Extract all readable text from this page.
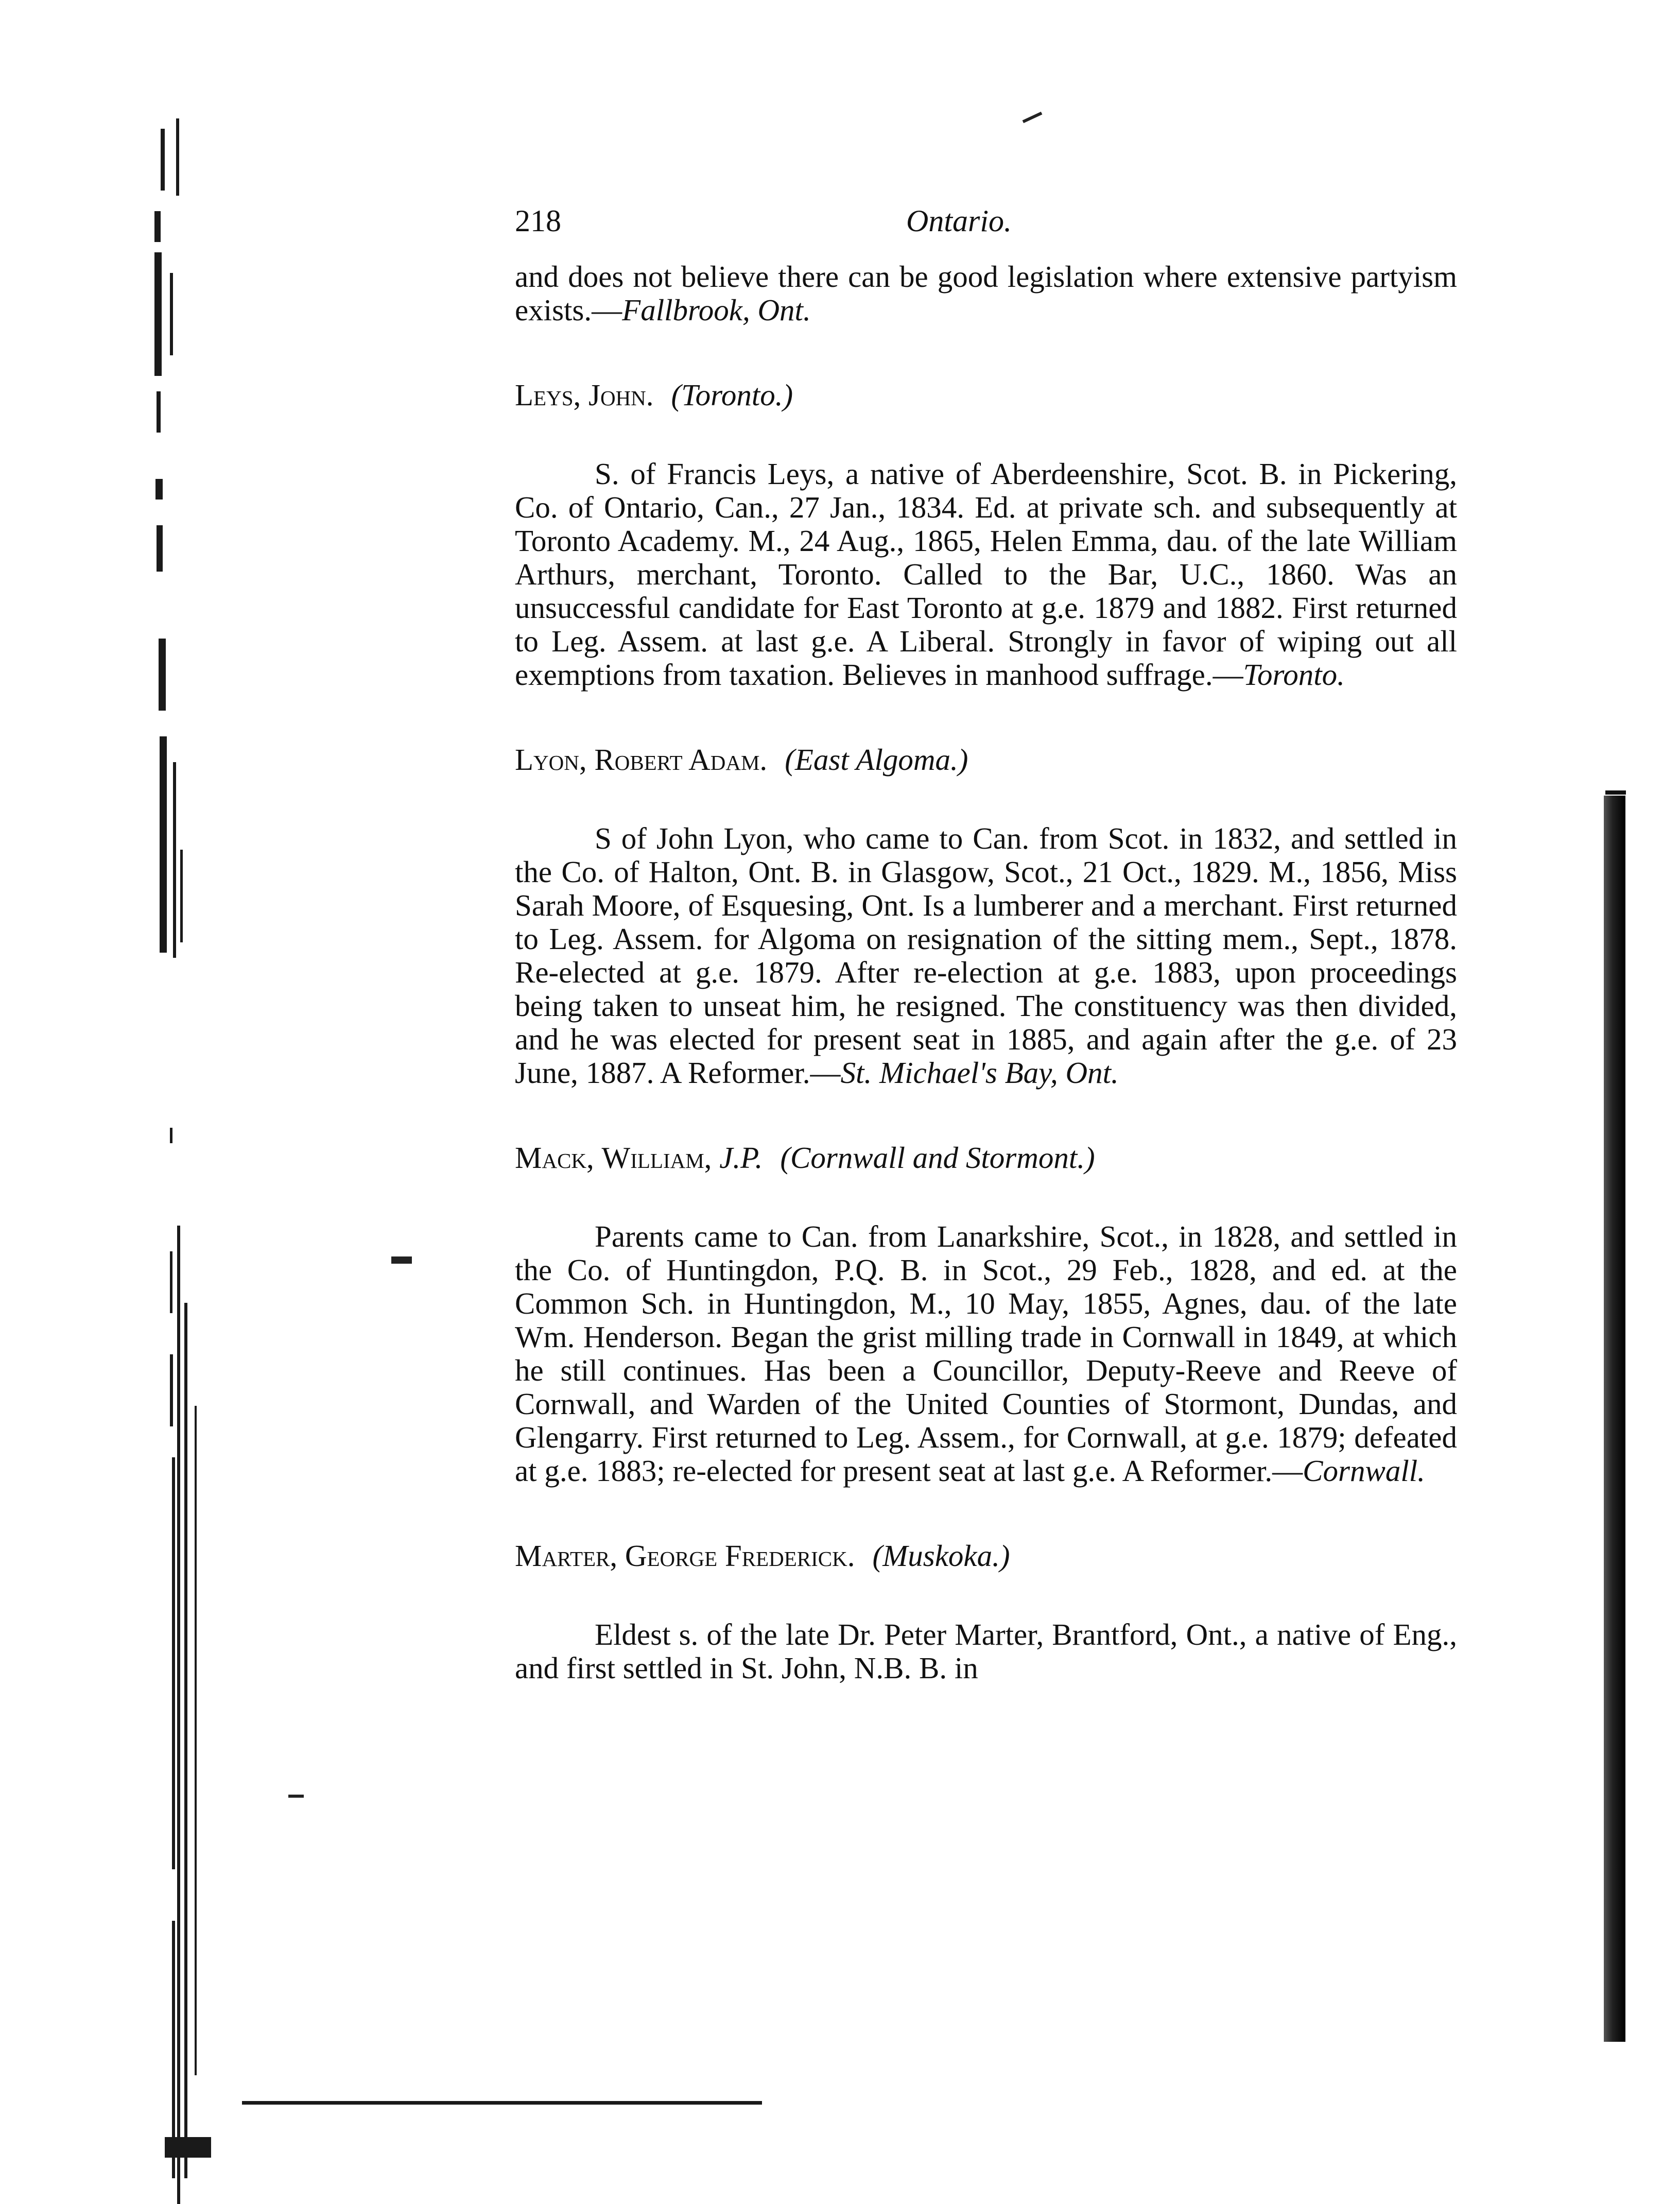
218	Ontario.

and does not believe there can be good legislation where extensive partyism exists.—Fallbrook, Ont.

Leys, John. (Toronto.)

S. of Francis Leys, a native of Aberdeenshire, Scot. B. in Pickering, Co. of Ontario, Can., 27 Jan., 1834. Ed. at private sch. and subsequently at Toronto Academy. M., 24 Aug., 1865, Helen Emma, dau. of the late William Arthurs, merchant, Toronto. Called to the Bar, U.C., 1860. Was an unsuccessful candidate for East Toronto at g.e. 1879 and 1882. First returned to Leg. Assem. at last g.e. A Liberal. Strongly in favor of wiping out all exemptions from taxation. Believes in manhood suffrage.—Toronto.

Lyon, Robert Adam. (East Algoma.)

S of John Lyon, who came to Can. from Scot. in 1832, and settled in the Co. of Halton, Ont. B. in Glasgow, Scot., 21 Oct., 1829. M., 1856, Miss Sarah Moore, of Esquesing, Ont. Is a lumberer and a merchant. First returned to Leg. Assem. for Algoma on resignation of the sitting mem., Sept., 1878. Re-elected at g.e. 1879. After re-election at g.e. 1883, upon proceedings being taken to unseat him, he resigned. The constituency was then divided, and he was elected for present seat in 1885, and again after the g.e. of 23 June, 1887. A Reformer.—St. Michael's Bay, Ont.

Mack, William, J.P. (Cornwall and Stormont.)

Parents came to Can. from Lanarkshire, Scot., in 1828, and settled in the Co. of Huntingdon, P.Q. B. in Scot., 29 Feb., 1828, and ed. at the Common Sch. in Huntingdon, M., 10 May, 1855, Agnes, dau. of the late Wm. Henderson. Began the grist milling trade in Cornwall in 1849, at which he still continues. Has been a Councillor, Deputy-Reeve and Reeve of Cornwall, and Warden of the United Counties of Stormont, Dundas, and Glengarry. First returned to Leg. Assem., for Cornwall, at g.e. 1879; defeated at g.e. 1883; re-elected for present seat at last g.e. A Reformer.—Cornwall.

Marter, George Frederick. (Muskoka.)

Eldest s. of the late Dr. Peter Marter, Brantford, Ont., a native of Eng., and first settled in St. John, N.B. B. in
